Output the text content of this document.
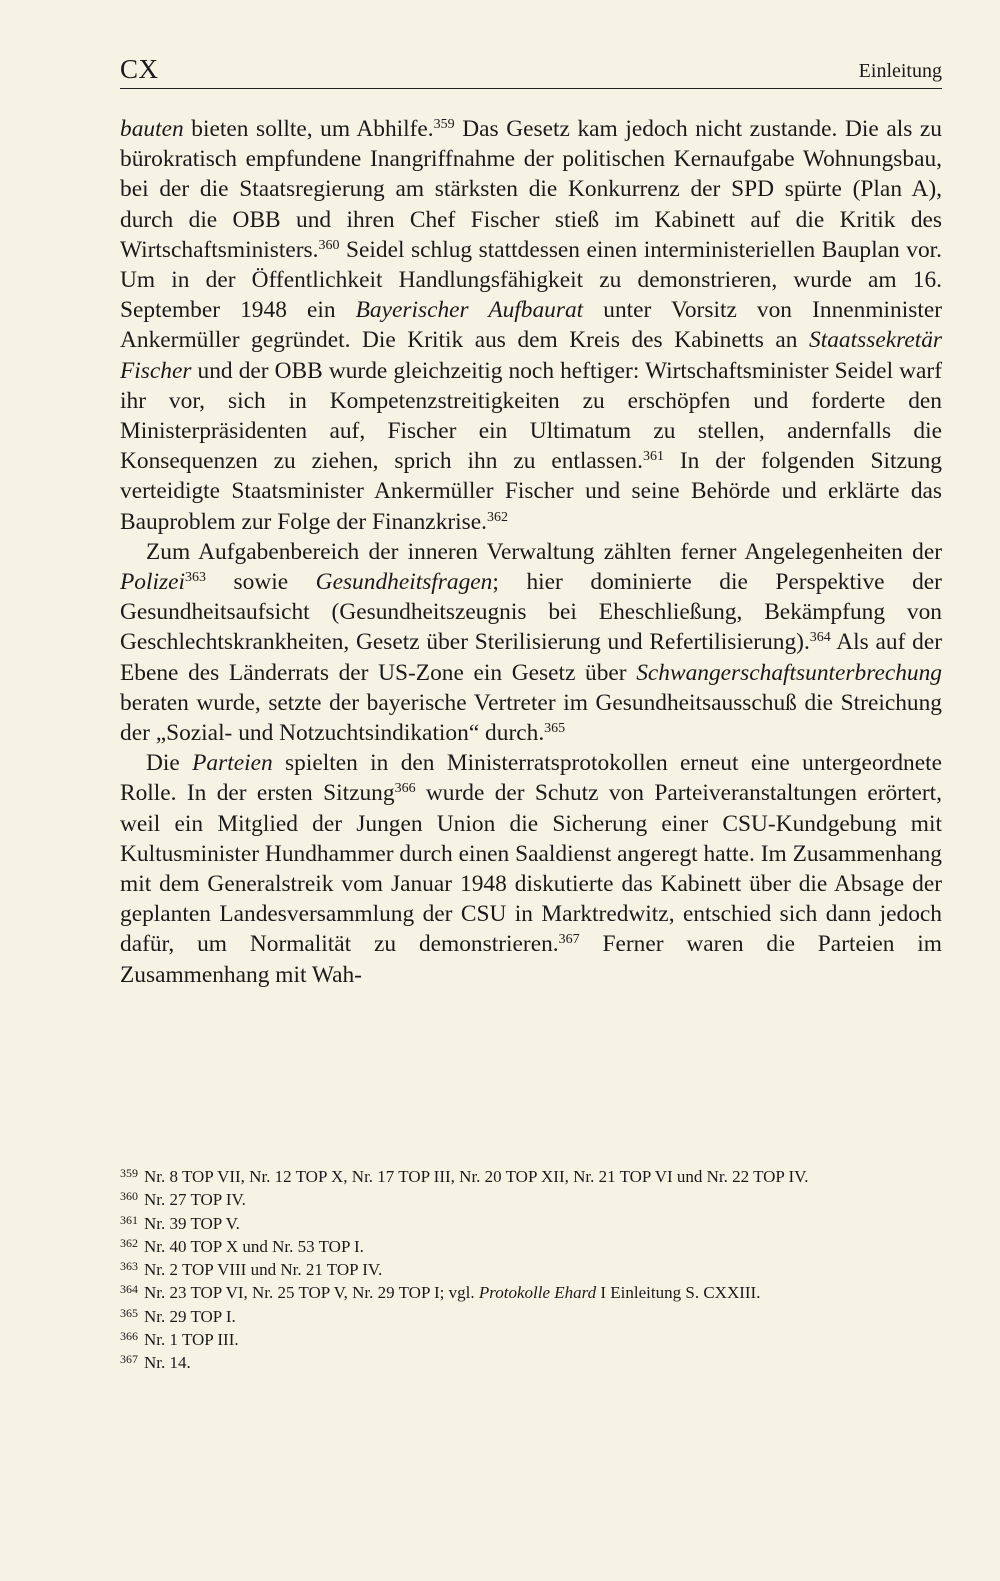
CX	Einleitung

bauten bieten sollte, um Abhilfe.$^{359}$ Das Gesetz kam jedoch nicht zustande. Die als zu bürokratisch empfundene Inangriffnahme der politischen Kernaufgabe Wohnungsbau, bei der die Staatsregierung am stärksten die Konkurrenz der SPD spürte (Plan A), durch die OBB und ihren Chef Fischer stieß im Kabinett auf die Kritik des Wirtschaftsministers.$^{360}$ Seidel schlug stattdessen einen interministeriellen Bauplan vor. Um in der Öffentlichkeit Handlungsfähigkeit zu demonstrieren, wurde am 16. September 1948 ein Bayerischer Aufbaurat unter Vorsitz von Innenminister Ankermüller gegründet. Die Kritik aus dem Kreis des Kabinetts an Staatssekretär Fischer und der OBB wurde gleichzeitig noch heftiger: Wirtschaftsminister Seidel warf ihr vor, sich in Kompetenzstreitigkeiten zu erschöpfen und forderte den Ministerpräsidenten auf, Fischer ein Ultimatum zu stellen, andernfalls die Konsequenzen zu ziehen, sprich ihn zu entlassen.$^{361}$ In der folgenden Sitzung verteidigte Staatsminister Ankermüller Fischer und seine Behörde und erklärte das Bauproblem zur Folge der Finanzkrise.$^{362}$

Zum Aufgabenbereich der inneren Verwaltung zählten ferner Angelegenheiten der Polizei$^{363}$ sowie Gesundheitsfragen; hier dominierte die Perspektive der Gesundheitsaufsicht (Gesundheitszeugnis bei Eheschließung, Bekämpfung von Geschlechtskrankheiten, Gesetz über Sterilisierung und Refertilisierung).$^{364}$ Als auf der Ebene des Länderrats der US-Zone ein Gesetz über Schwangerschaftsunterbrechung beraten wurde, setzte der bayerische Vertreter im Gesundheitsausschuß die Streichung der „Sozial- und Notzuchtsindikation“ durch.$^{365}$

Die Parteien spielten in den Ministerratsprotokollen erneut eine untergeordnete Rolle. In der ersten Sitzung$^{366}$ wurde der Schutz von Parteiveranstaltungen erörtert, weil ein Mitglied der Jungen Union die Sicherung einer CSU-Kundgebung mit Kultusminister Hundhammer durch einen Saaldienst angeregt hatte. Im Zusammenhang mit dem Generalstreik vom Januar 1948 diskutierte das Kabinett über die Absage der geplanten Landesversammlung der CSU in Marktredwitz, entschied sich dann jedoch dafür, um Normalität zu demonstrieren.$^{367}$ Ferner waren die Parteien im Zusammenhang mit Wah-

$^{359}$ Nr. 8 TOP VII, Nr. 12 TOP X, Nr. 17 TOP III, Nr. 20 TOP XII, Nr. 21 TOP VI und Nr. 22 TOP IV.
$^{360}$ Nr. 27 TOP IV.
$^{361}$ Nr. 39 TOP V.
$^{362}$ Nr. 40 TOP X und Nr. 53 TOP I.
$^{363}$ Nr. 2 TOP VIII und Nr. 21 TOP IV.
$^{364}$ Nr. 23 TOP VI, Nr. 25 TOP V, Nr. 29 TOP I; vgl. Protokolle Ehard I Einleitung S. CXXIII.
$^{365}$ Nr. 29 TOP I.
$^{366}$ Nr. 1 TOP III.
$^{367}$ Nr. 14.
